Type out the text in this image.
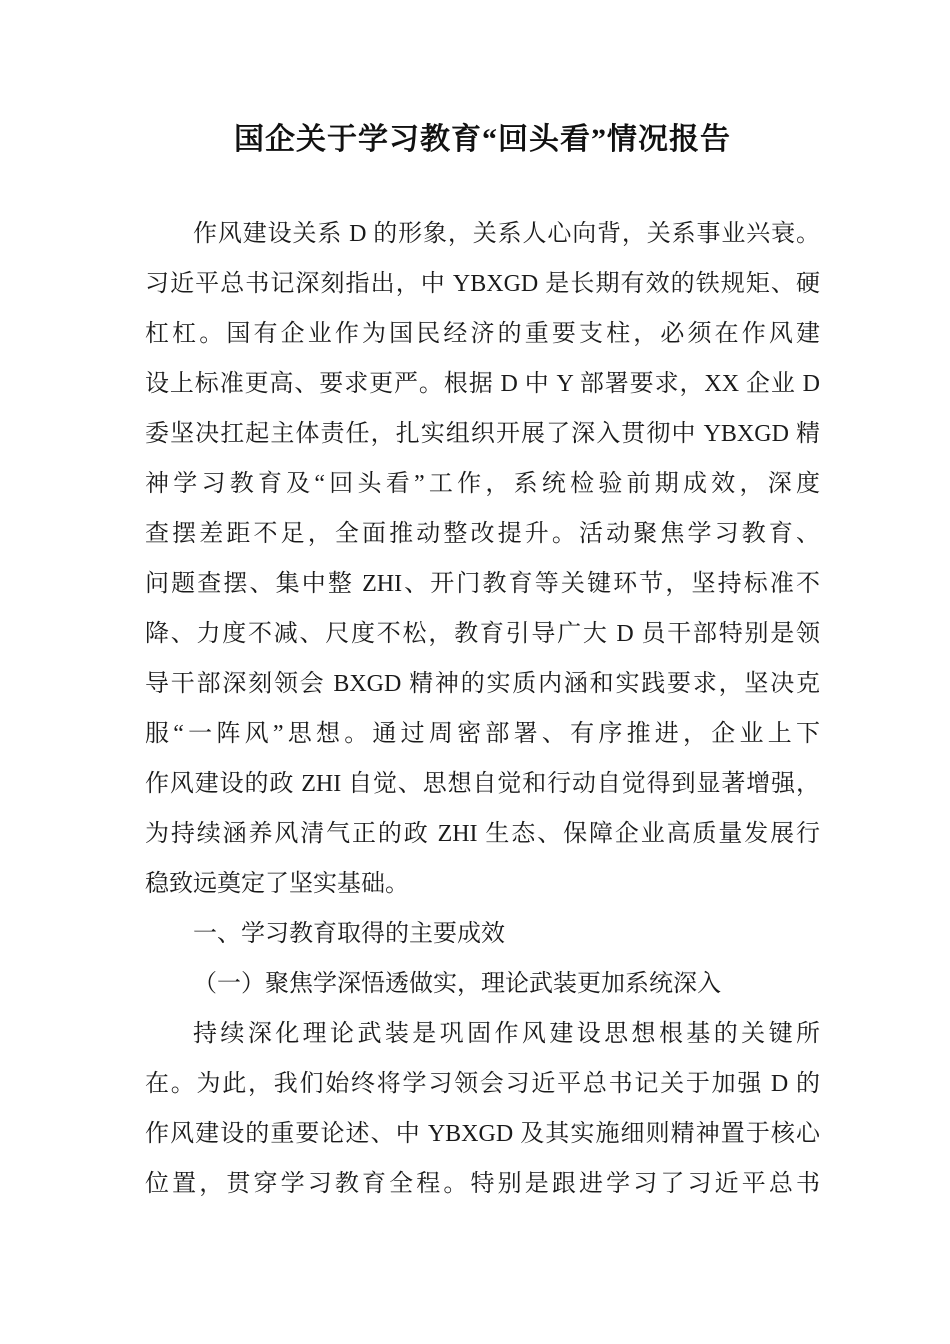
国企关于学习教育“回头看”情况报告
作风建设关系 D 的形象，关系人心向背，关系事业兴衰。
习近平总书记深刻指出，中 YBXGD 是长期有效的铁规矩、硬
杠杠。国有企业作为国民经济的重要支柱，必须在作风建
设上标准更高、要求更严。根据 D 中 Y 部署要求，XX 企业 D
委坚决扛起主体责任，扎实组织开展了深入贯彻中 YBXGD 精
神学习教育及“回头看”工作，系统检验前期成效，深度
查摆差距不足，全面推动整改提升。活动聚焦学习教育、
问题查摆、集中整 ZHI、开门教育等关键环节，坚持标准不
降、力度不减、尺度不松，教育引导广大 D 员干部特别是领
导干部深刻领会 BXGD 精神的实质内涵和实践要求，坚决克
服“一阵风”思想。通过周密部署、有序推进，企业上下
作风建设的政 ZHI 自觉、思想自觉和行动自觉得到显著增强，
为持续涵养风清气正的政 ZHI 生态、保障企业高质量发展行
稳致远奠定了坚实基础。
一、学习教育取得的主要成效
（一）聚焦学深悟透做实，理论武装更加系统深入
持续深化理论武装是巩固作风建设思想根基的关键所
在。为此，我们始终将学习领会习近平总书记关于加强 D 的
作风建设的重要论述、中 YBXGD 及其实施细则精神置于核心
位置，贯穿学习教育全程。特别是跟进学习了习近平总书
